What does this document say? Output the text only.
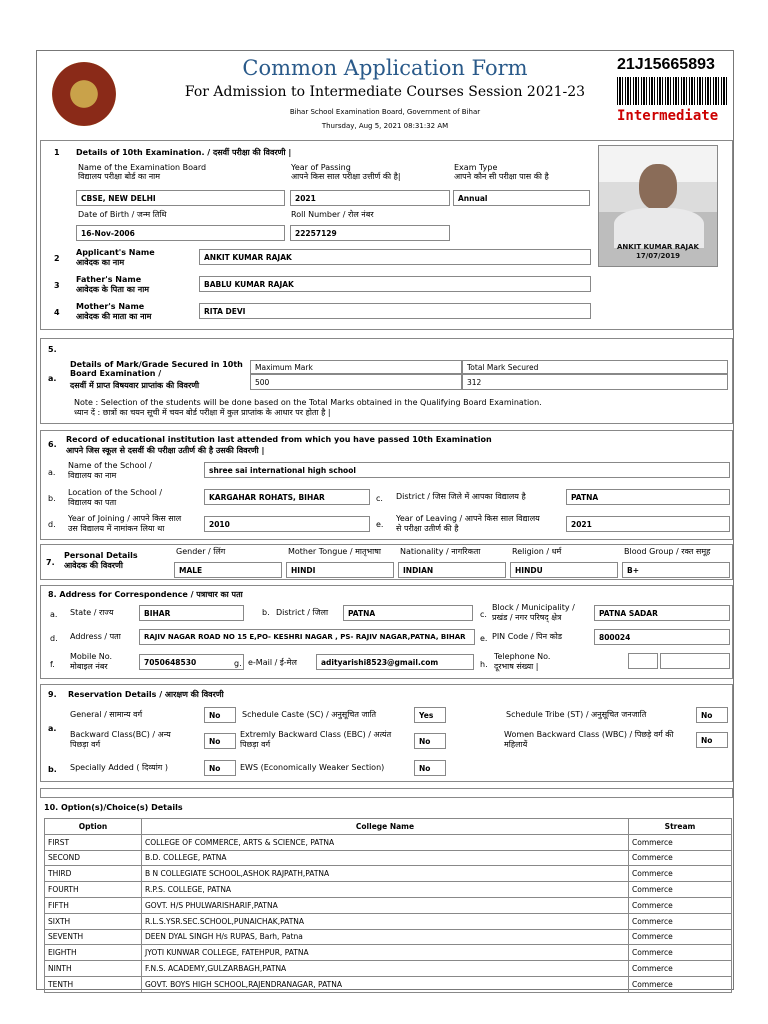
Common Application Form
For Admission to Intermediate Courses Session 2021-23
Bihar School Examination Board, Government of Bihar
Thursday, Aug 5, 2021 08:31:32 AM
21J15665893
Intermediate
1 Details of 10th Examination. / दसवीं परीक्षा की विवरणी |
Name of the Examination Board
विद्यालय परीक्षा बोर्ड का नाम
CBSE, NEW DELHI
Year of Passing
आपने किस साल परीक्षा उत्तीर्ण की है|
2021
Exam Type
आपने कौन सी परीक्षा पास की है
Annual
Date of Birth / जन्म तिथि
16-Nov-2006
Roll Number / रोल नंबर
22257129
ANKIT KUMAR RAJAK
17/07/2019
2
Applicant's Name
आवेदक का नाम
ANKIT KUMAR RAJAK
3
Father's Name
आवेदक के पिता का नाम
BABLU KUMAR RAJAK
4
Mother's Name
आवेदक की माता का नाम
RITA DEVI
5.
a.
Details of Mark/Grade Secured in 10th Board Examination /
दसवीं में प्राप्त विषयवार प्राप्तांक की विवरणी
Maximum Mark
500
Total Mark Secured
312
Note : Selection of the students will be done based on the Total Marks obtained in the Qualifying Board Examination.
ध्यान दें : छात्रों का चयन सूची में चयन बोर्ड परीक्षा में कुल प्राप्तांक के आधार पर होता है |
6.
Record of educational institution last attended from which you have passed 10th Examination
आपने जिस स्कूल से दसवीं की परीक्षा उतीर्ण की है उसकी विवरणी |
a.
Name of the School /
विद्यालय का नाम
shree sai international high school
b.
Location of the School /
विद्यालय का पता
KARGAHAR ROHATS, BIHAR	c. District / जिस जिले में आपका विद्यालय है	PATNA
d.
Year of Joining / आपने किस साल
उस विद्यालय में नामांकन लिया था	2010	e.
Year of Leaving / आपने किस साल विद्यालय
से परीक्षा उतीर्ण की है	2021
7.
Personal Details
आवेदक की विवरणी
Gender / लिंग
MALE
Mother Tongue / मातृभाषा
HINDI
Nationality / नागरिकता
INDIAN
Religion / धर्म
HINDU
Blood Group / रक्त समूह
B+
8. Address for Correspondence / पत्राचार का पता
a. State / राज्य	BIHAR	b. District / जिला	PATNA	c.
Block / Municipality /
प्रखंड / नगर परिषद् क्षेत्र	PATNA SADAR
d. Address / पता	RAJIV NAGAR ROAD NO 15 E,PO- KESHRI NAGAR , PS- RAJIV NAGAR,PATNA, BIHAR	e. PIN Code / पिन कोड	800024
f.
Mobile No.
मोबाइल नंबर	7050648530	g. e-Mail / ई-मेल	adityarishi8523@gmail.com	h.
Telephone No.
दूरभाष संख्या |
9. Reservation Details / आरक्षण की विवरणी
a.
b.
General / सामान्य वर्ग	No	Schedule Caste (SC) / अनुसूचित जाति	Yes	Schedule Tribe (ST) / अनुसूचित जनजाति	No
Backward Class(BC) / अन्य
पिछड़ा वर्ग	No
Extremly Backward Class (EBC) / अत्यंत
पिछड़ा वर्ग	No
Women Backward Class (WBC) / पिछड़े वर्ग की
महिलायें	No
Specially Added ( दिव्यांग )	No	EWS (Economically Weaker Section)	No
10. Option(s)/Choice(s) Details
Option	College Name	Stream
FIRST	COLLEGE OF COMMERCE, ARTS & SCIENCE, PATNA	Commerce
SECOND	B.D. COLLEGE, PATNA	Commerce
THIRD	B N COLLEGIATE SCHOOL,ASHOK RAJPATH,PATNA	Commerce
FOURTH	R.P.S. COLLEGE, PATNA	Commerce
FIFTH	GOVT. H/S PHULWARISHARIF,PATNA	Commerce
SIXTH	R.L.S.YSR.SEC.SCHOOL,PUNAICHAK,PATNA	Commerce
SEVENTH	DEEN DYAL SINGH H/s RUPAS, Barh, Patna	Commerce
EIGHTH	JYOTI KUNWAR COLLEGE, FATEHPUR, PATNA	Commerce
NINTH	F.N.S. ACADEMY,GULZARBAGH,PATNA	Commerce
TENTH	GOVT. BOYS HIGH SCHOOL,RAJENDRANAGAR, PATNA	Commerce
